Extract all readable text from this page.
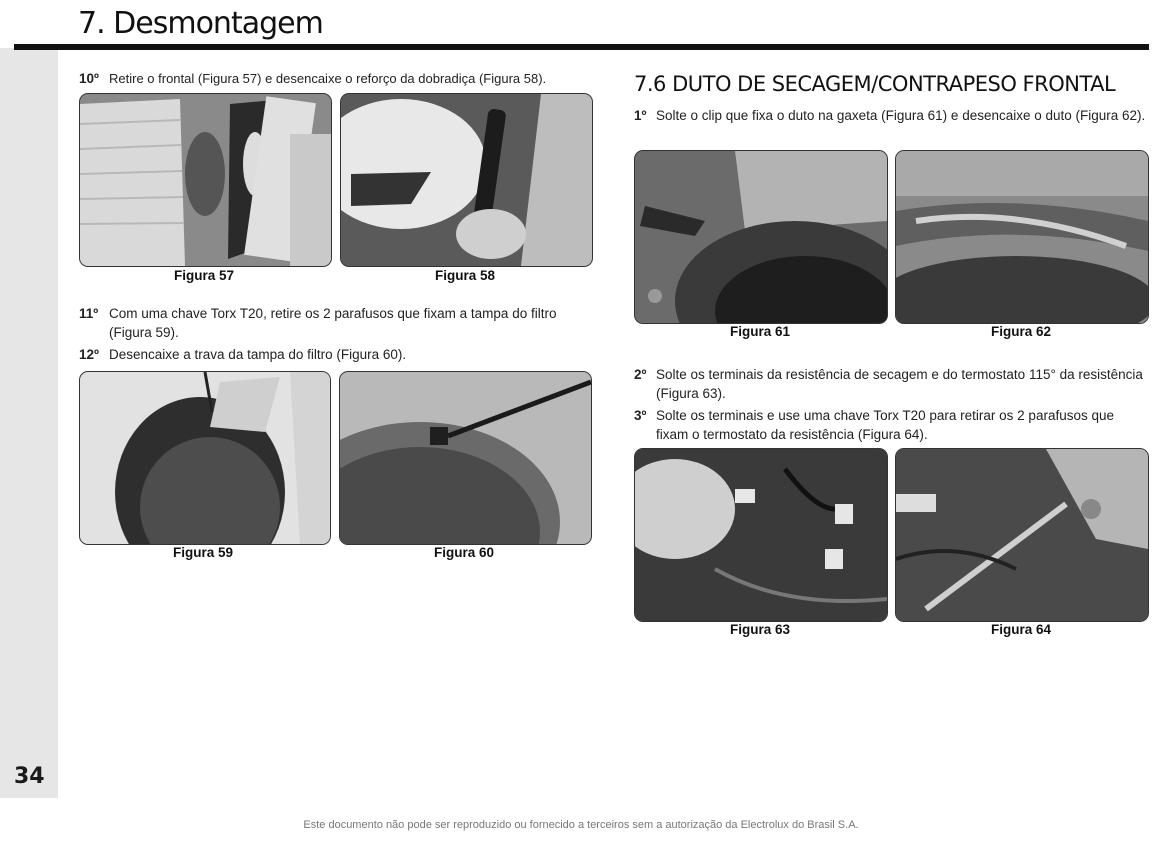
34
7. Desmontagem
10º Retire o frontal (Figura 57) e desencaixe o reforço da dobradiça (Figura 58).
Figura 57	Figura 58
11º Com uma chave Torx T20, retire os 2 parafusos que fixam a tampa do filtro (Figura 59).
12º Desencaixe a trava da tampa do filtro (Figura 60).
Figura 59	Figura 60
7.6 DUTO DE SECAGEM/CONTRAPESO FRONTAL
1º Solte o clip que fixa o duto na gaxeta (Figura 61) e desencaixe o duto (Figura 62).
Figura 61	Figura 62
2º Solte os terminais da resistência de secagem e do termostato 115° da resistência (Figura 63).
3º Solte os terminais e use uma chave Torx T20 para retirar os 2 parafusos que fixam o termostato da resistência (Figura 64).
Figura 63	Figura 64
Este documento não pode ser reproduzido ou fornecido a terceiros sem a autorização da Electrolux do Brasil S.A.
